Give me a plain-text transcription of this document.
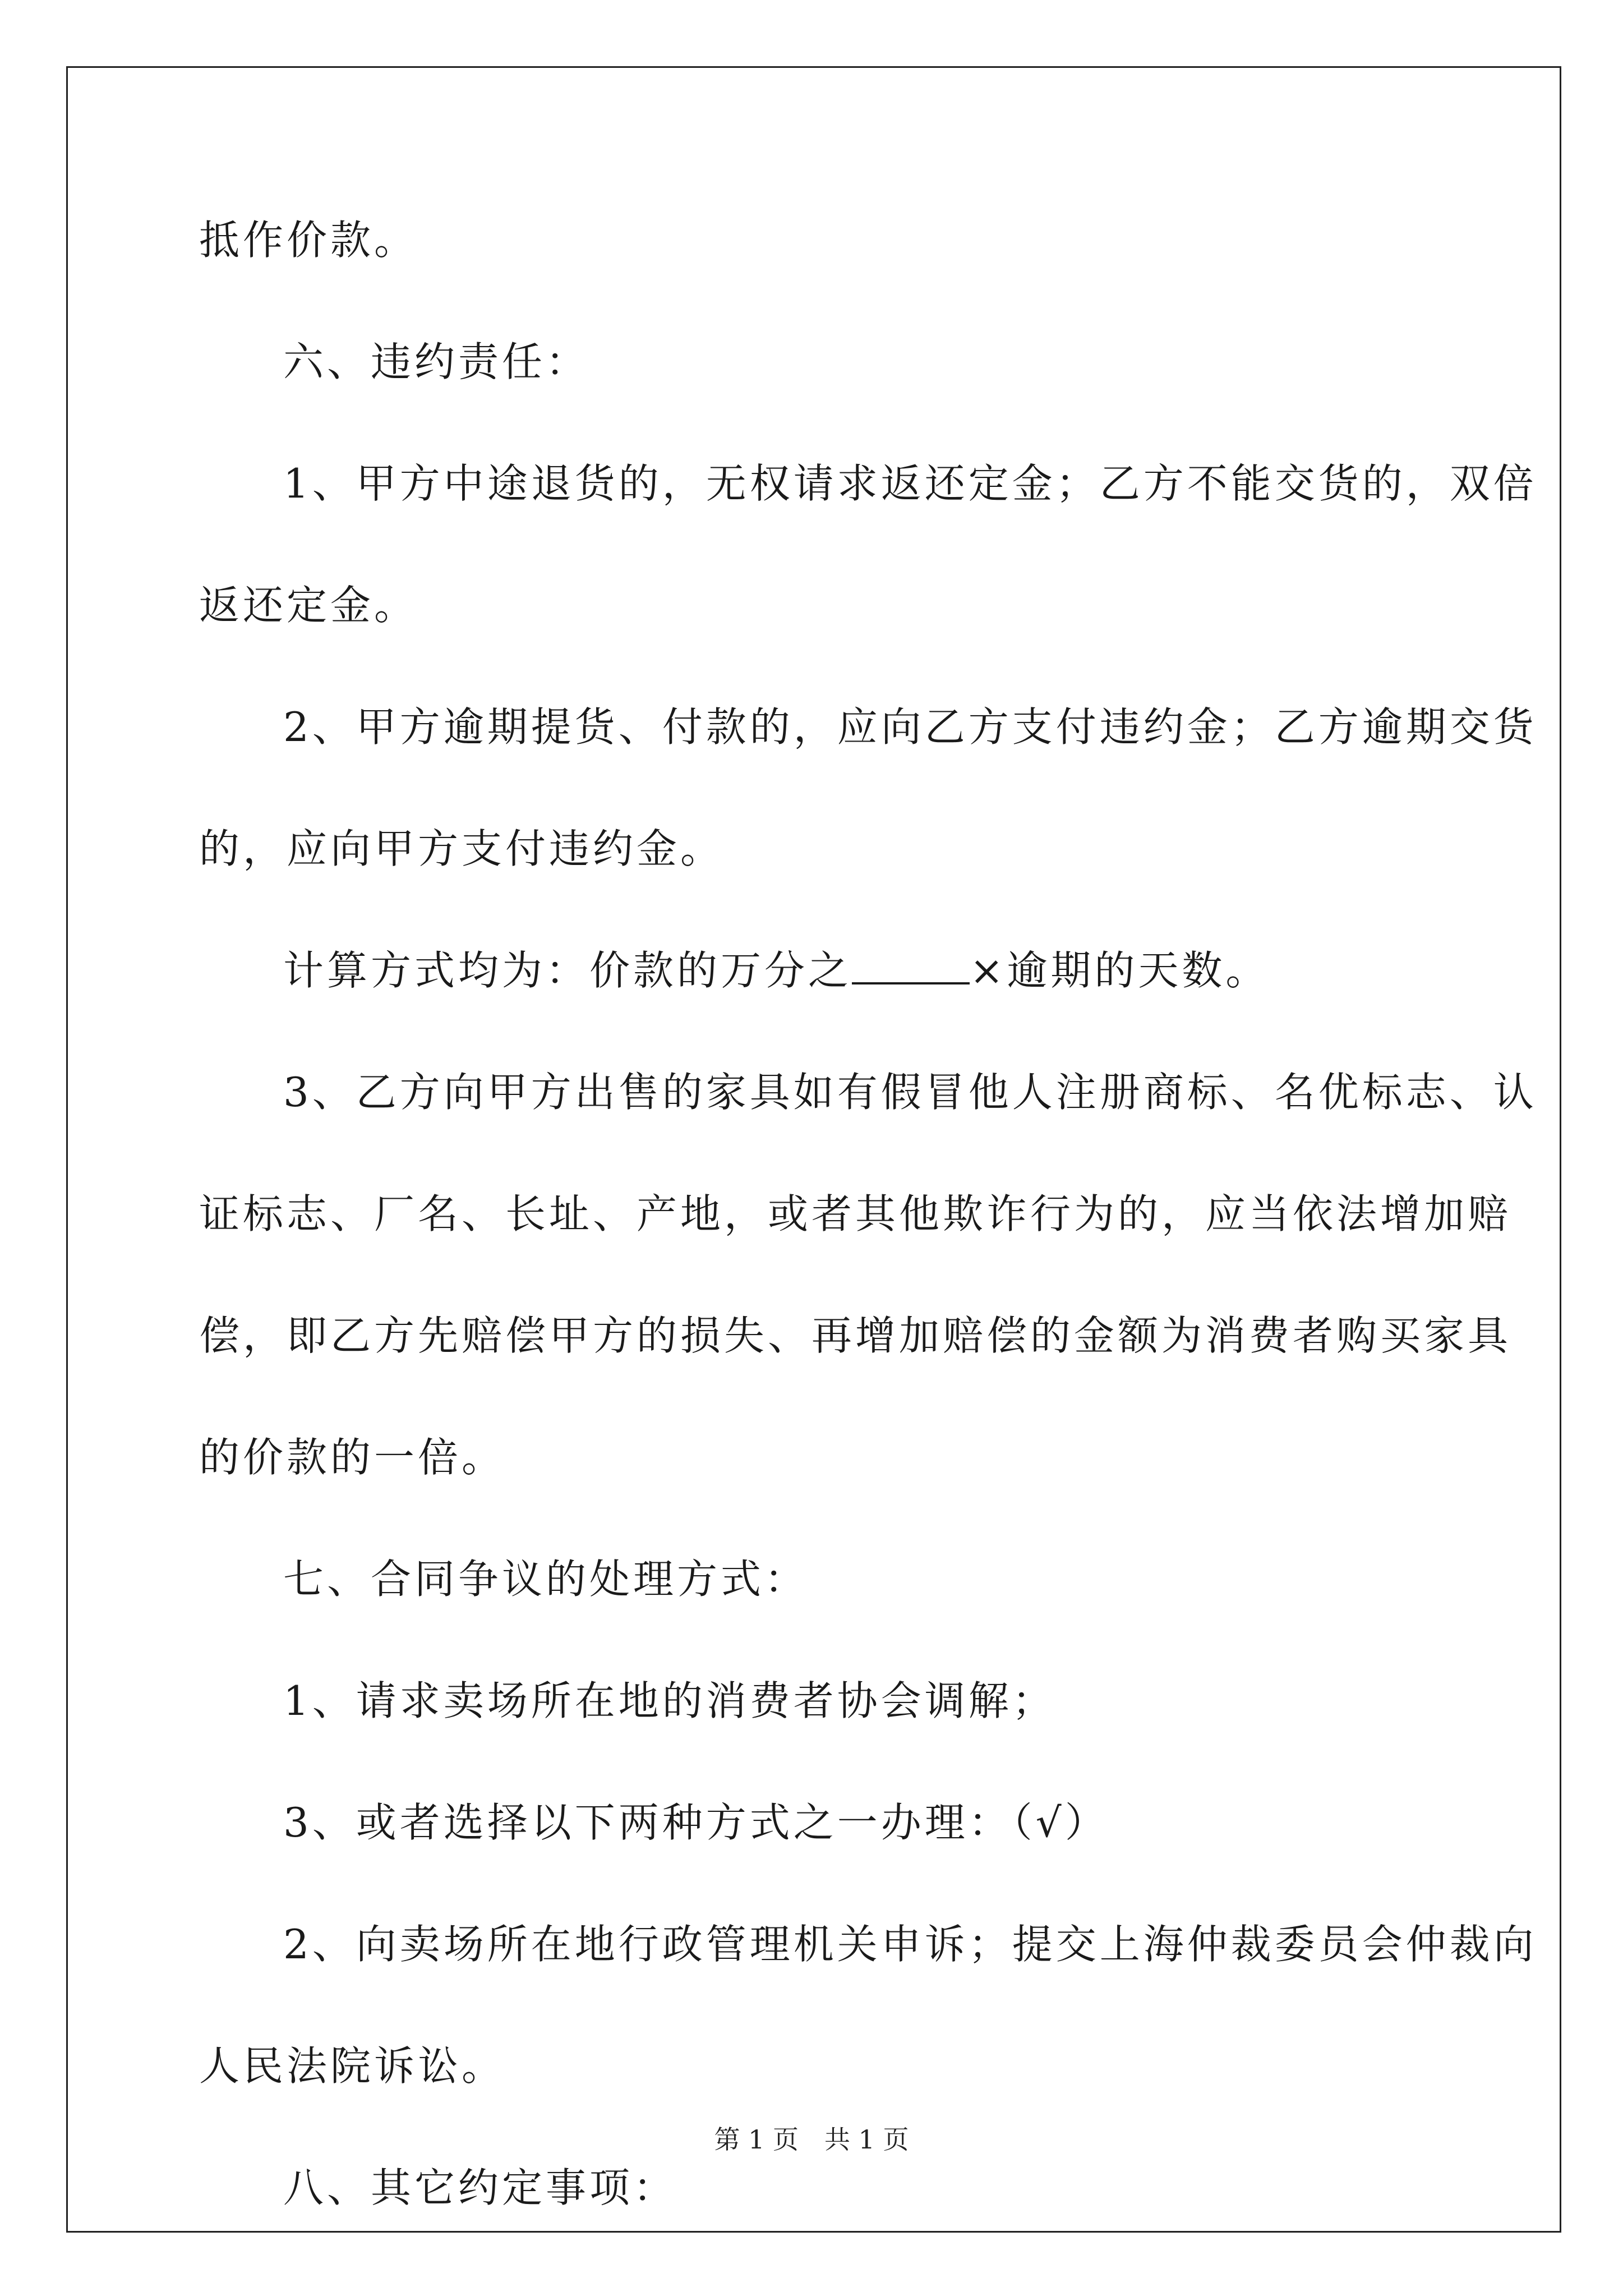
抵作价款。
六、违约责任：
1、甲方中途退货的，无权请求返还定金；乙方不能交货的，双倍
返还定金。
2、甲方逾期提货、付款的，应向乙方支付违约金；乙方逾期交货
的，应向甲方支付违约金。
计算方式均为：价款的万分之	×逾期的天数。
3、乙方向甲方出售的家具如有假冒他人注册商标、名优标志、认
证标志、厂名、长址、产地，或者其他欺诈行为的，应当依法增加赔
偿，即乙方先赔偿甲方的损失、再增加赔偿的金额为消费者购买家具
的价款的一倍。
七、合同争议的处理方式：
1、请求卖场所在地的消费者协会调解；
3、或者选择以下两种方式之一办理：（√）
2、向卖场所在地行政管理机关申诉；提交上海仲裁委员会仲裁向
人民法院诉讼。
八、其它约定事项：
第 1 页　共 1 页
